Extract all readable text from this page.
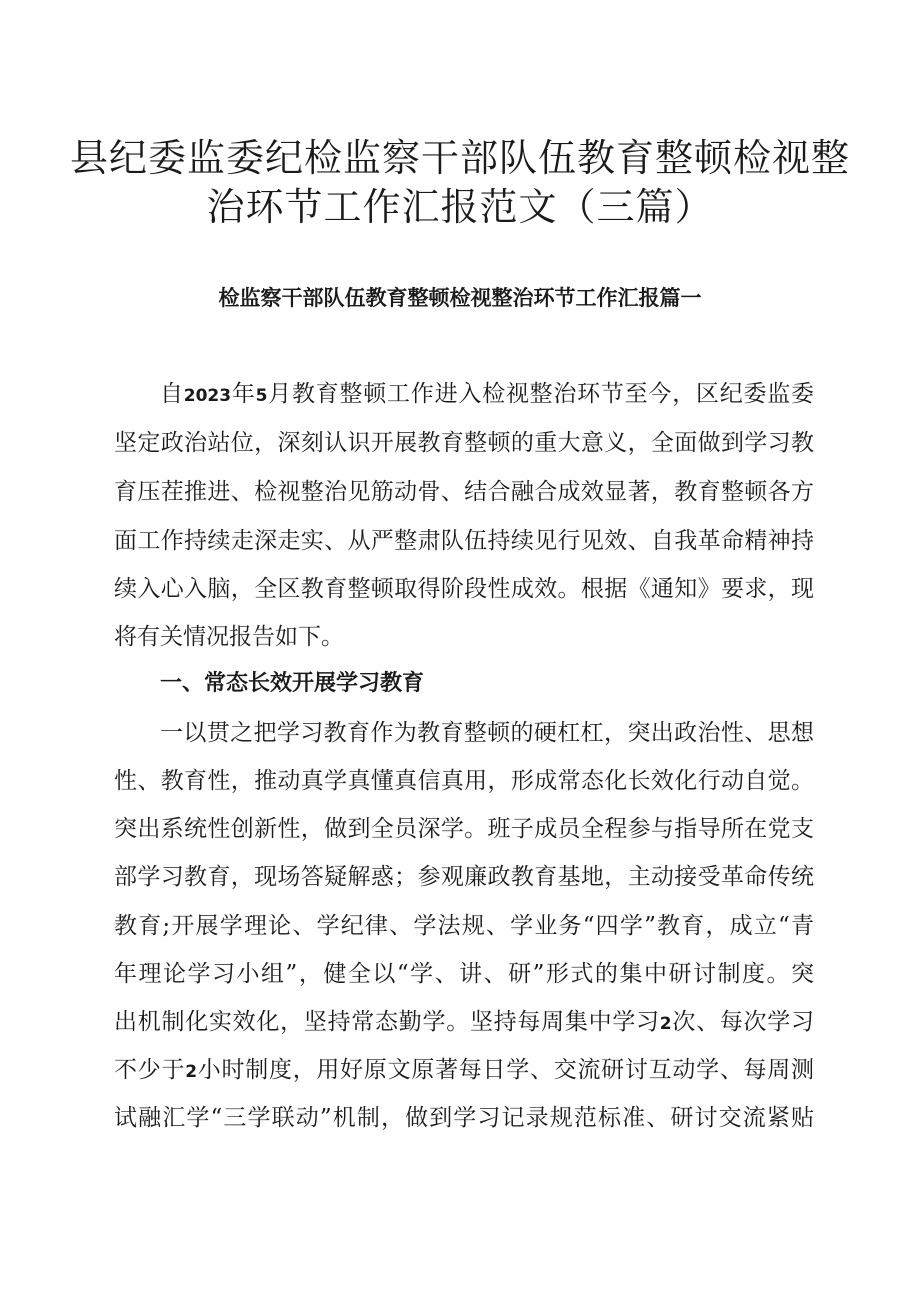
县纪委监委纪检监察干部队伍教育整顿检视整
治环节工作汇报范文（三篇）
检监察干部队伍教育整顿检视整治环节工作汇报篇一

自2023年5月教育整顿工作进入检视整治环节至今，区纪委监委

坚定政治站位，深刻认识开展教育整顿的重大意义，全面做到学习教

育压茬推进、检视整治见筋动骨、结合融合成效显著，教育整顿各方

面工作持续走深走实、从严整肃队伍持续见行见效、自我革命精神持

续入心入脑，全区教育整顿取得阶段性成效。根据《通知》要求，现

将有关情况报告如下。

一、常态长效开展学习教育

一以贯之把学习教育作为教育整顿的硬杠杠，突出政治性、思想

性、教育性，推动真学真懂真信真用，形成常态化长效化行动自觉。

突出系统性创新性，做到全员深学。班子成员全程参与指导所在党支

部学习教育，现场答疑解惑；参观廉政教育基地，主动接受革命传统

教育;开展学理论、学纪律、学法规、学业务“四学”教育，成立“青

年理论学习小组”，健全以“学、讲、研”形式的集中研讨制度。突

出机制化实效化，坚持常态勤学。坚持每周集中学习2次、每次学习

不少于2小时制度，用好原文原著每日学、交流研讨互动学、每周测

试融汇学“三学联动”机制，做到学习记录规范标准、研讨交流紧贴
